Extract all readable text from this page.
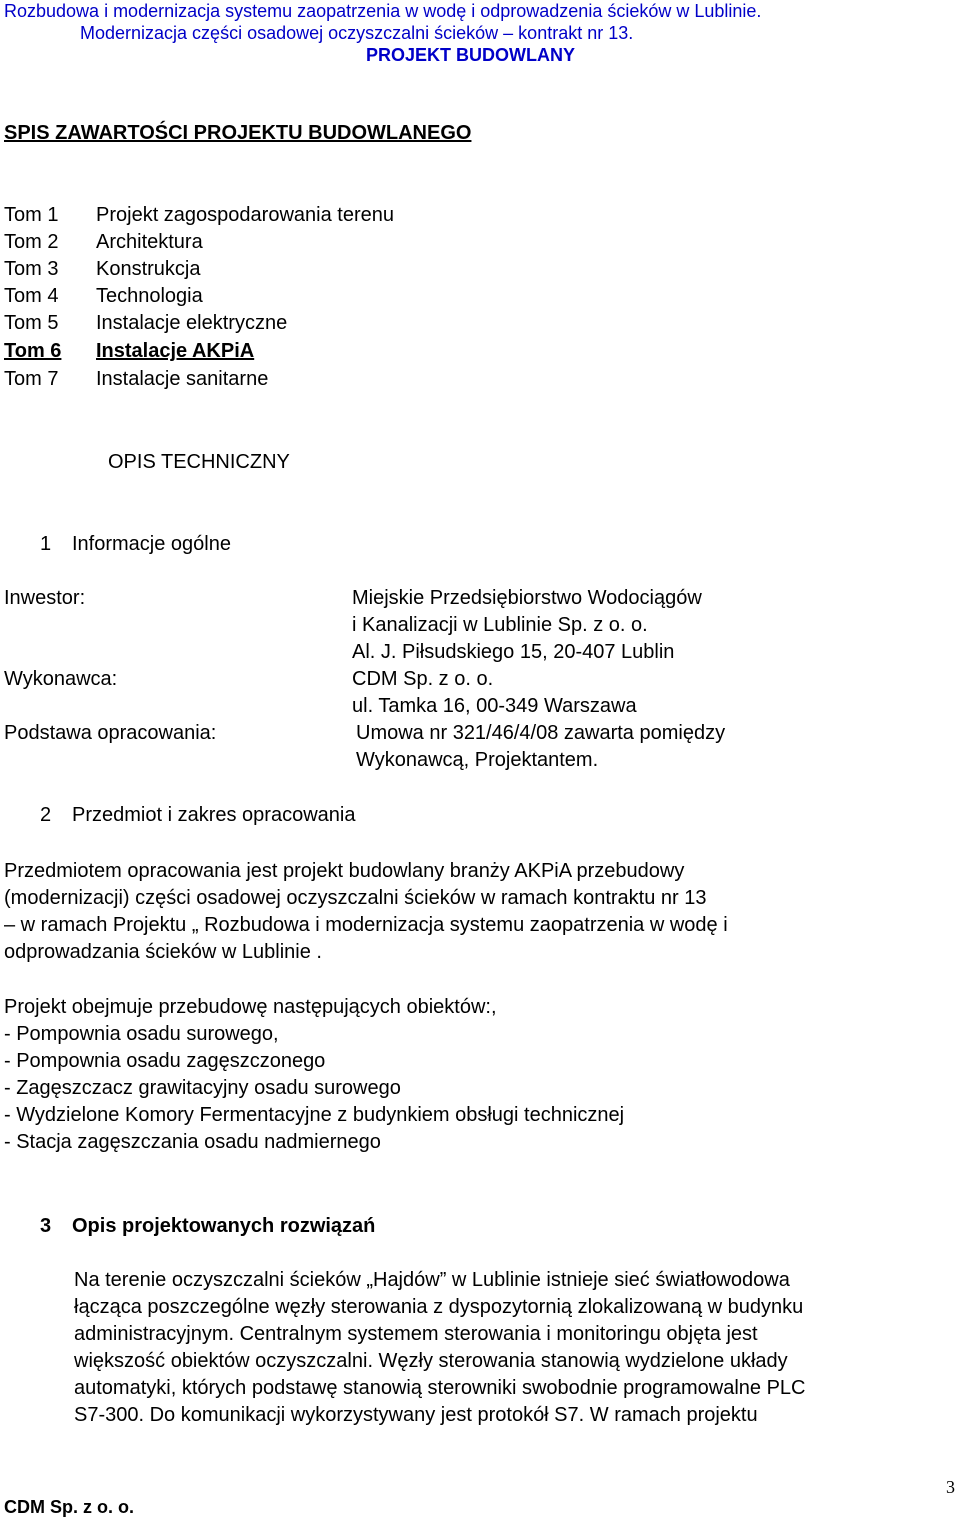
Rozbudowa i modernizacja systemu zaopatrzenia w wodę i odprowadzenia ścieków w Lublinie.
Modernizacja części osadowej oczyszczalni ścieków – kontrakt nr 13.
PROJEKT BUDOWLANY
SPIS ZAWARTOŚCI PROJEKTU BUDOWLANEGO
Tom 1 Projekt zagospodarowania terenu
Tom 2 Architektura
Tom 3 Konstrukcja
Tom 4 Technologia
Tom 5 Instalacje elektryczne
Tom 6 Instalacje AKPiA
Tom 7 Instalacje sanitarne
OPIS TECHNICZNY
1 Informacje ogólne
Inwestor:	Miejskie Przedsiębiorstwo Wodociągów
i Kanalizacji w Lublinie Sp. z o. o.
Al. J. Piłsudskiego 15, 20-407 Lublin
Wykonawca:	CDM Sp. z o. o.
ul. Tamka 16, 00-349 Warszawa
Podstawa opracowania:	Umowa nr 321/46/4/08 zawarta pomiędzy
Wykonawcą, Projektantem.
2 Przedmiot i zakres opracowania
Przedmiotem opracowania jest projekt budowlany branży AKPiA przebudowy
(modernizacji) części osadowej oczyszczalni ścieków w ramach kontraktu nr 13
– w ramach Projektu „ Rozbudowa i modernizacja systemu zaopatrzenia w wodę i
odprowadzania ścieków w Lublinie .
Projekt obejmuje przebudowę następujących obiektów:,
- Pompownia osadu surowego,
- Pompownia osadu zagęszczonego
- Zagęszczacz grawitacyjny osadu surowego
- Wydzielone Komory Fermentacyjne z budynkiem obsługi technicznej
- Stacja zagęszczania osadu nadmiernego
3 Opis projektowanych rozwiązań
Na terenie oczyszczalni ścieków „Hajdów” w Lublinie istnieje sieć światłowodowa
łącząca poszczególne węzły sterowania z dyspozytornią zlokalizowaną w budynku
administracyjnym. Centralnym systemem sterowania i monitoringu objęta jest
większość obiektów oczyszczalni. Węzły sterowania stanowią wydzielone układy
automatyki, których podstawę stanowią sterowniki swobodnie programowalne PLC
S7-300. Do komunikacji wykorzystywany jest protokół S7. W ramach projektu
CDM Sp. z o. o.
3
